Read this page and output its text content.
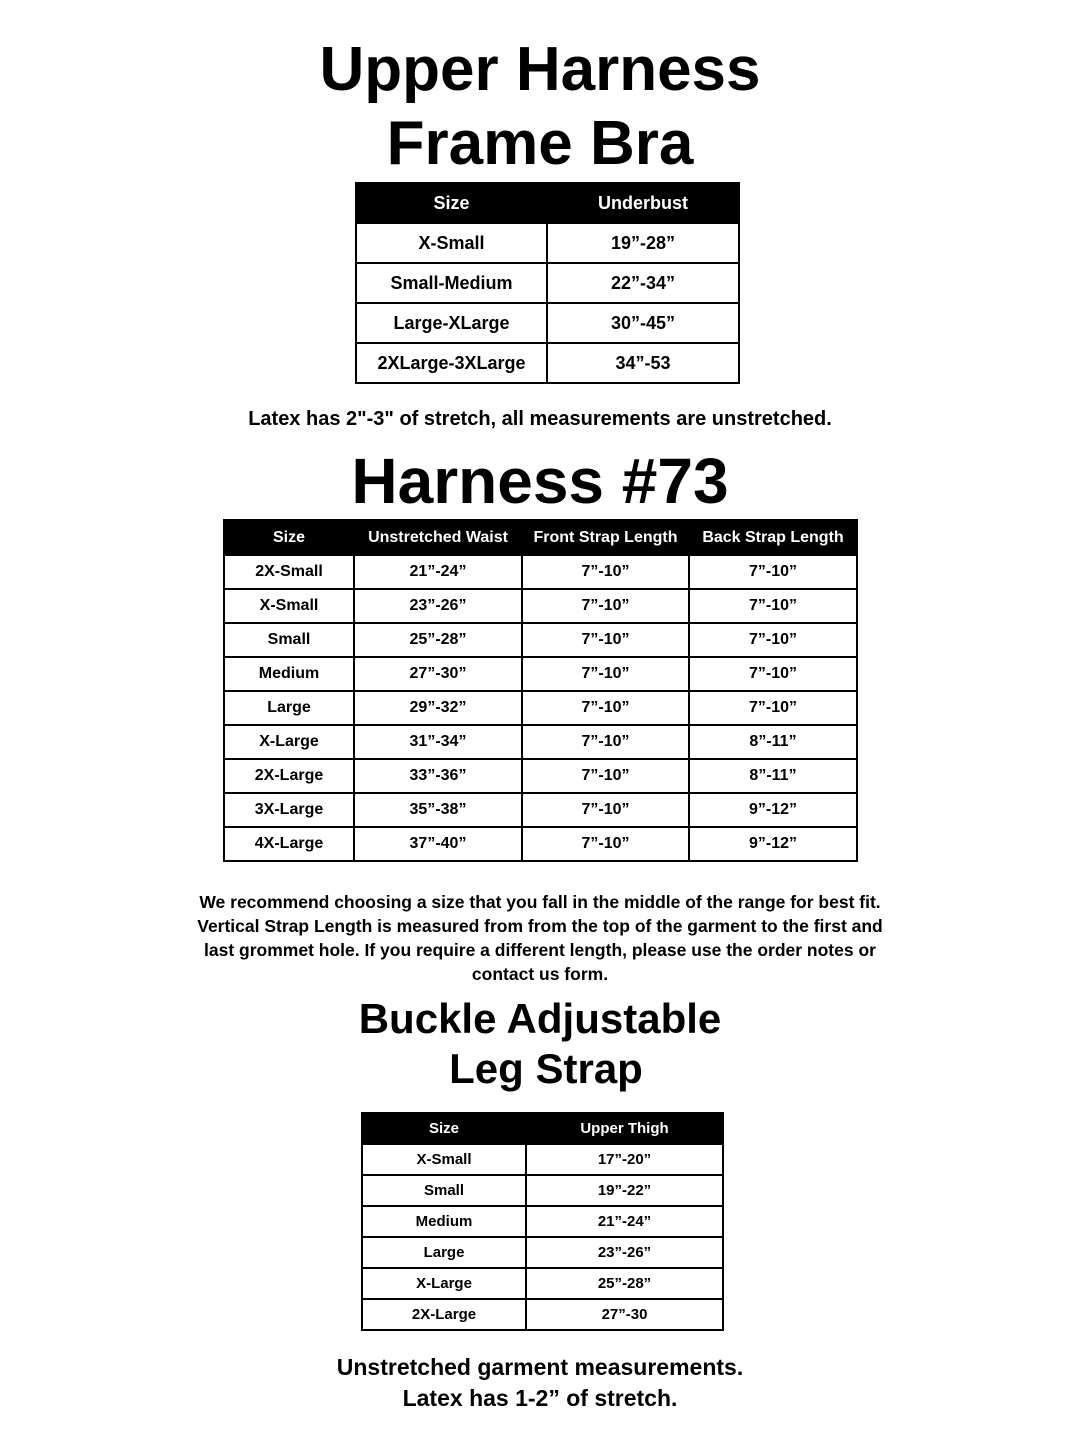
Upper Harness
Frame Bra
Size	Underbust
X-Small	19”-28”
Small-Medium	22”-34”
Large-XLarge	30”-45”
2XLarge-3XLarge	34”-53
Latex has 2"-3" of stretch, all measurements are unstretched.
Harness #73
Size	Unstretched Waist	Front Strap Length	Back Strap Length
2X-Small	21”-24”	7”-10”	7”-10”
X-Small	23”-26”	7”-10”	7”-10”
Small	25”-28”	7”-10”	7”-10”
Medium	27”-30”	7”-10”	7”-10”
Large	29”-32”	7”-10”	7”-10”
X-Large	31”-34”	7”-10”	8”-11”
2X-Large	33”-36”	7”-10”	8”-11”
3X-Large	35”-38”	7”-10”	9”-12”
4X-Large	37”-40”	7”-10”	9”-12”
We recommend choosing a size that you fall in the middle of the range for best fit.
Vertical Strap Length is measured from from the top of the garment to the first and
last grommet hole. If you require a different length, please use the order notes or
contact us form.
Buckle Adjustable
Leg Strap
Size	Upper Thigh
X-Small	17”-20”
Small	19”-22”
Medium	21”-24”
Large	23”-26”
X-Large	25”-28”
2X-Large	27”-30
Unstretched garment measurements.
Latex has 1-2” of stretch.
